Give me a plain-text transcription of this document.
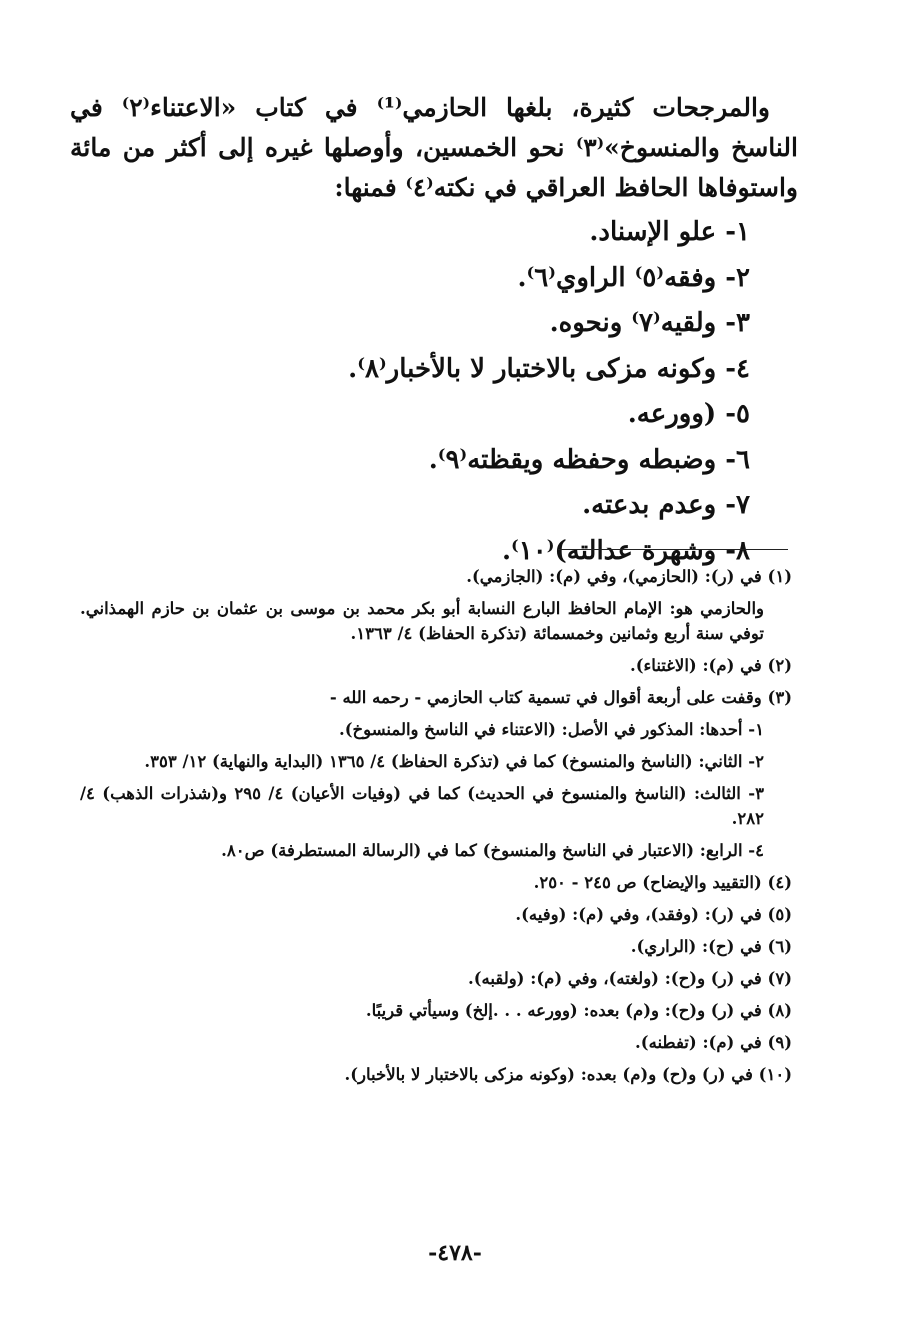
والمرجحات كثيرة، بلغها الحازمي⁽¹⁾ في كتاب «الاعتناء⁽٢⁾ في الناسخ والمنسوخ»⁽٣⁾ نحو الخمسين، وأوصلها غيره إلى أكثر من مائة واستوفاها الحافظ العراقي في نكته⁽٤⁾ فمنها:

١- علو الإسناد.
٢- وفقه⁽٥⁾ الراوي⁽٦⁾.
٣- ولقيه⁽٧⁾ ونحوه.
٤- وكونه مزكى بالاختبار لا بالأخبار⁽٨⁾.
٥- (وورعه.
٦- وضبطه وحفظه ويقظته⁽٩⁾.
٧- وعدم بدعته.
٨- وشهرة عدالته)⁽١٠⁾.

(١) في (ر): (الحازمي)، وفي (م): (الجازمي).

والحازمي هو: الإمام الحافظ البارع النسابة أبو بكر محمد بن موسى بن عثمان بن حازم الهمذاني. توفي سنة أربع وثمانين وخمسمائة (تذكرة الحفاظ) ٤/ ١٣٦٣.

(٢) في (م): (الاغتناء).

(٣) وقفت على أربعة أقوال في تسمية كتاب الحازمي - رحمه الله -

١- أحدها: المذكور في الأصل: (الاعتناء في الناسخ والمنسوخ).

٢- الثاني: (الناسخ والمنسوخ) كما في (تذكرة الحفاظ) ٤/ ١٣٦٥ (البداية والنهاية) ١٢/ ٣٥٣.

٣- الثالث: (الناسخ والمنسوخ في الحديث) كما في (وفيات الأعيان) ٤/ ٢٩٥ و(شذرات الذهب) ٤/ ٢٨٢.

٤- الرابع: (الاعتبار في الناسخ والمنسوخ) كما في (الرسالة المستطرفة) ص٨٠.

(٤) (التقييد والإيضاح) ص ٢٤٥ - ٢٥٠.

(٥) في (ر): (وفقد)، وفي (م): (وفيه).

(٦) في (ح): (الراري).

(٧) في (ر) و(ح): (ولغته)، وفي (م): (ولقبه).

(٨) في (ر) و(ح): و(م) بعده: (وورعه . . .إلخ) وسيأتي قريبًا.

(٩) في (م): (تفطنه).

(١٠) في (ر) و(ح) و(م) بعده: (وكونه مزكى بالاختبار لا بالأخبار).

-٤٧٨-
